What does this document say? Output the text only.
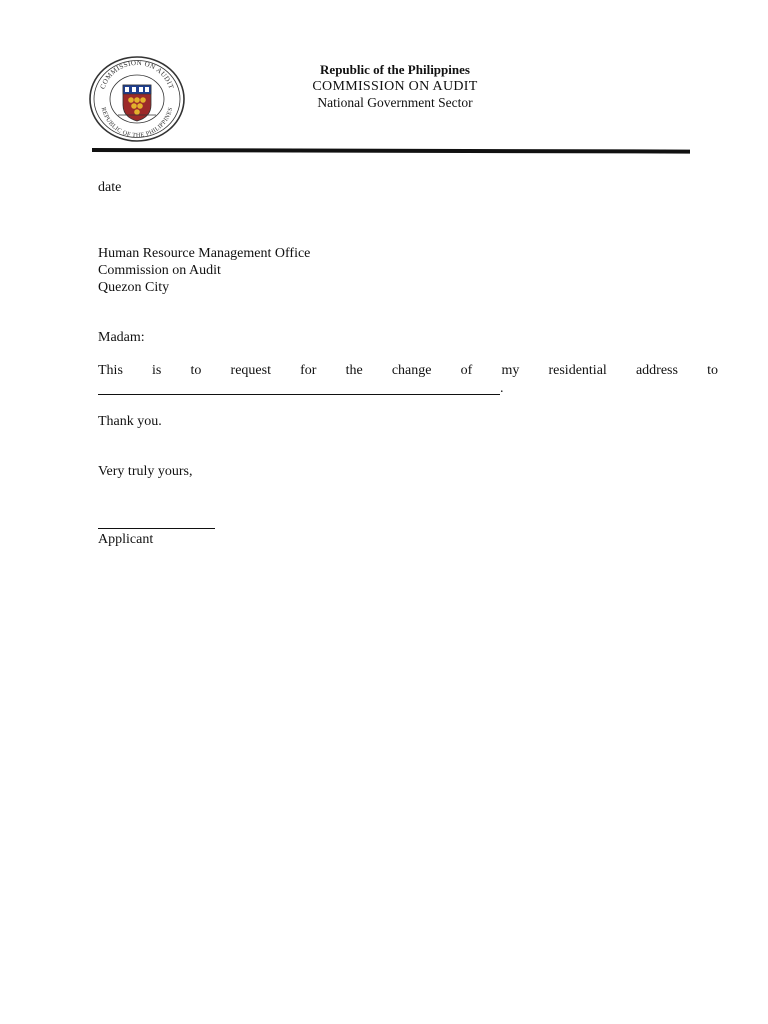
COMMISSION ON AUDIT
REPUBLIC OF THE PHILIPPINES
Republic of the Philippines
COMMISSION ON AUDIT
National Government Sector
date
Human Resource Management Office
Commission on Audit
Quezon City
Madam:
This is to request for the change of my residential address to
.
Thank you.
Very truly yours,
Applicant
